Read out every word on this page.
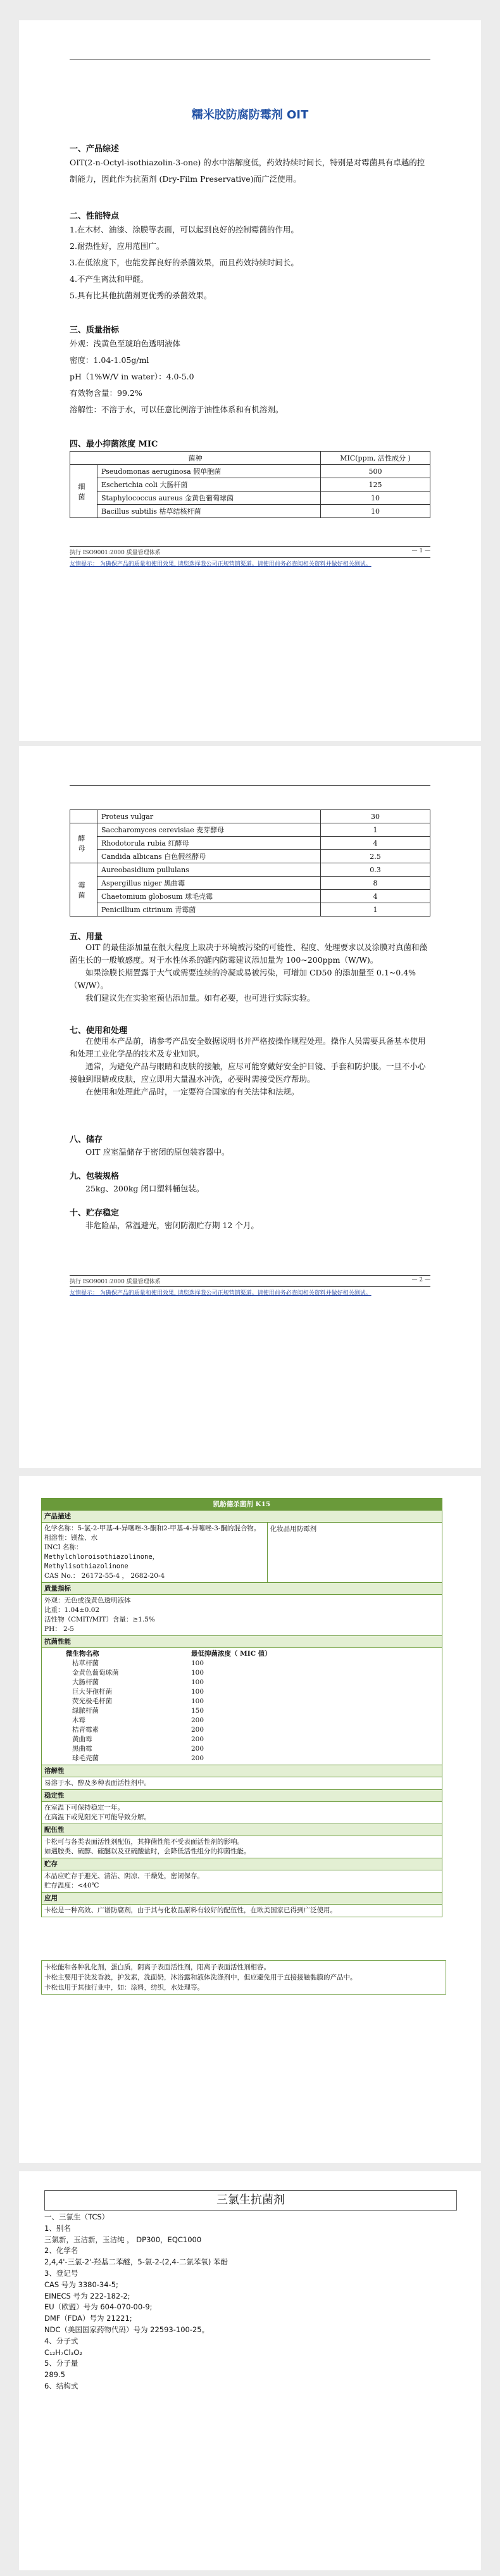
糯米胶防腐防霉剂 OIT
一、产品综述
OIT(2-n-Octyl-isothiazolin-3-one) 的水中溶解度低，药效持续时间长，特别是对霉菌具有卓越的控制能力，因此作为抗菌剂 (Dry-Film Preservative)而广泛使用。
二、性能特点

1.在木材、油漆、涂膜等表面，可以起到良好的控制霉菌的作用。

2.耐热性好，应用范围广。

3.在低浓度下，也能发挥良好的杀菌效果，而且药效持续时间长。

4.不产生离汰和甲醛。

5.具有比其他抗菌剂更优秀的杀菌效果。

三、质量指标

外观：浅黄色至琥珀色透明液体

密度：1.04-1.05g/ml

pH（1%W/V in water）：4.0-5.0

有效物含量：99.2%

溶解性：不溶于水，可以任意比例溶于油性体系和有机溶剂。

四、最小抑菌浓度 MIC
菌种		MIC(ppm, 活性成分 )
细菌	Pseudomonas aeruginosa 假单胞菌	500
	Escherichia coli 大肠杆菌	125
	Staphylococcus aureus 金黄色葡萄球菌	10
	Bacillus subtilis 枯草结核杆菌	10
执行 ISO9001:2000 质量管理体系	— 1 —
友情提示： 为确保产品的质量和使用效果, 请您选择我公司正规营销渠道。请使用前务必查阅相关资料并做好相关测试。
	Proteus vulgar	30
酵母	Saccharomyces cerevisiae 麦芽酵母	1
	Rhodotorula rubia 红酵母	4
	Candida albicans 白色假丝酵母	2.5
霉菌	Aureobasidium pullulans	0.3
	Aspergillus niger 黑曲霉	8
	Chaetomium globosum 球毛壳霉	4
	Penicillium citrinum 青霉菌	1
五、用量

OIT 的最佳添加量在很大程度上取决于环境被污染的可能性、程度、处理要求以及涂膜对真菌和藻菌生长的一般敏感度。对于水性体系的罐内防霉建议添加量为 100~200ppm（W/W)。

如果涂膜长期置露于大气或需要连续的冷凝或易被污染，可增加 CD50 的添加量至 0.1~0.4%（W/W）。

我们建议先在实验室预估添加量。如有必要，也可进行实际实验。

七、使用和处理

在使用本产品前，请参考产品安全数据说明书并严格按操作规程处理。操作人员需要具备基本使用和处理工业化学品的技术及专业知识。

通常，为避免产品与眼睛和皮肤的接触，应尽可能穿戴好安全护目镜、手套和防护服。一旦不小心接触到眼睛或皮肤，应立即用大量温水冲洗，必要时需接受医疗帮助。

在使用和处理此产品时，一定要符合国家的有关法律和法规。

八、储存

OIT 应室温储存于密闭的原包装容器中。

九、包装规格

25kg、200kg 闭口塑料桶包装。

十、贮存稳定

非危险品，常温避光，密闭防潮贮存期 12 个月。

执行 ISO9001:2000 质量管理体系	— 2 —
友情提示： 为确保产品的质量和使用效果, 请您选择我公司正规营销渠道。请使用前务必查阅相关资料并做好相关测试。
凯舫德杀菌剂 K15
产品描述
化学名称：5-氯-2-甲基-4-异噻唑-3-酮和2-甲基-4-异噻唑-3-酮的混合物。
相溶性：镁盐、水
INCI 名称：
Methylchloroisothiazolinone，
Methylisothiazolinone
CAS No.： 26172-55-4 ， 2682-20-4
化妆品用防霉剂
质量指标
外观：无色或浅黄色透明液体
比重：1.04±0.02
活性物（CMIT/MIT）含量：≥1.5%
PH： 2-5
抗菌性能
微生物名称	最低抑菌浓度（ MIC 值）
枯草杆菌	100
金黄色葡萄球菌	100
大肠杆菌	100
巨大芽孢杆菌	100
荧光极毛杆菌	100
绿脓杆菌	150
木霉	200
桔青霉素	200
黄曲霉	200
黑曲霉	200
球毛壳菌	200
溶解性
易溶于水、醇及多种表面活性剂中。
稳定性
在室温下可保持稳定一年。
在高温下或见阳光下可能导致分解。
配伍性
卡松可与各类表面活性剂配伍，其抑菌性能不受表面活性剂的影响。
如遇胺类、硫醇、硫醚以及亚硫酸盐时，会降低活性组分的抑菌性能。
贮存
本品应贮存于避光、清洁、阴凉、干燥处，密闭保存。
贮存温度：<40℃
应用
卡松是一种高效、广谱防腐剂，由于其与化妆品原料有较好的配伍性，在欧美国家已得到广泛使用。
卡松能和各种乳化剂，蛋白质，阴离子表面活性剂，阳离子表面活性剂相容。
卡松主要用于洗发香波，护发素，洗面奶，沐浴露和液体洗涤剂中，但应避免用于直接接触黏膜的产品中。
卡松也用于其他行业中，如：涂料，纺织，水处理等。
三氯生抗菌剂

一、三氯生（TCS）

1、别名

三氯新，玉洁新，玉洁纯 ， DP300，EQC1000

2、化学名

2,4,4'-三氯-2'-羟基二苯醚，5-氯-2-(2,4-二氯苯氧) 苯酚

3、登记号

CAS 号为 3380-34-5;

EINECS 号为 222-182-2;

EU（欧盟）号为 604-070-00-9;

DMF（FDA）号为 21221;

NDC（美国国家药物代码）号为 22593-100-25。

4、分子式

C₁₂H₇Cl₃O₂

5、分子量

289.5

6、结构式
